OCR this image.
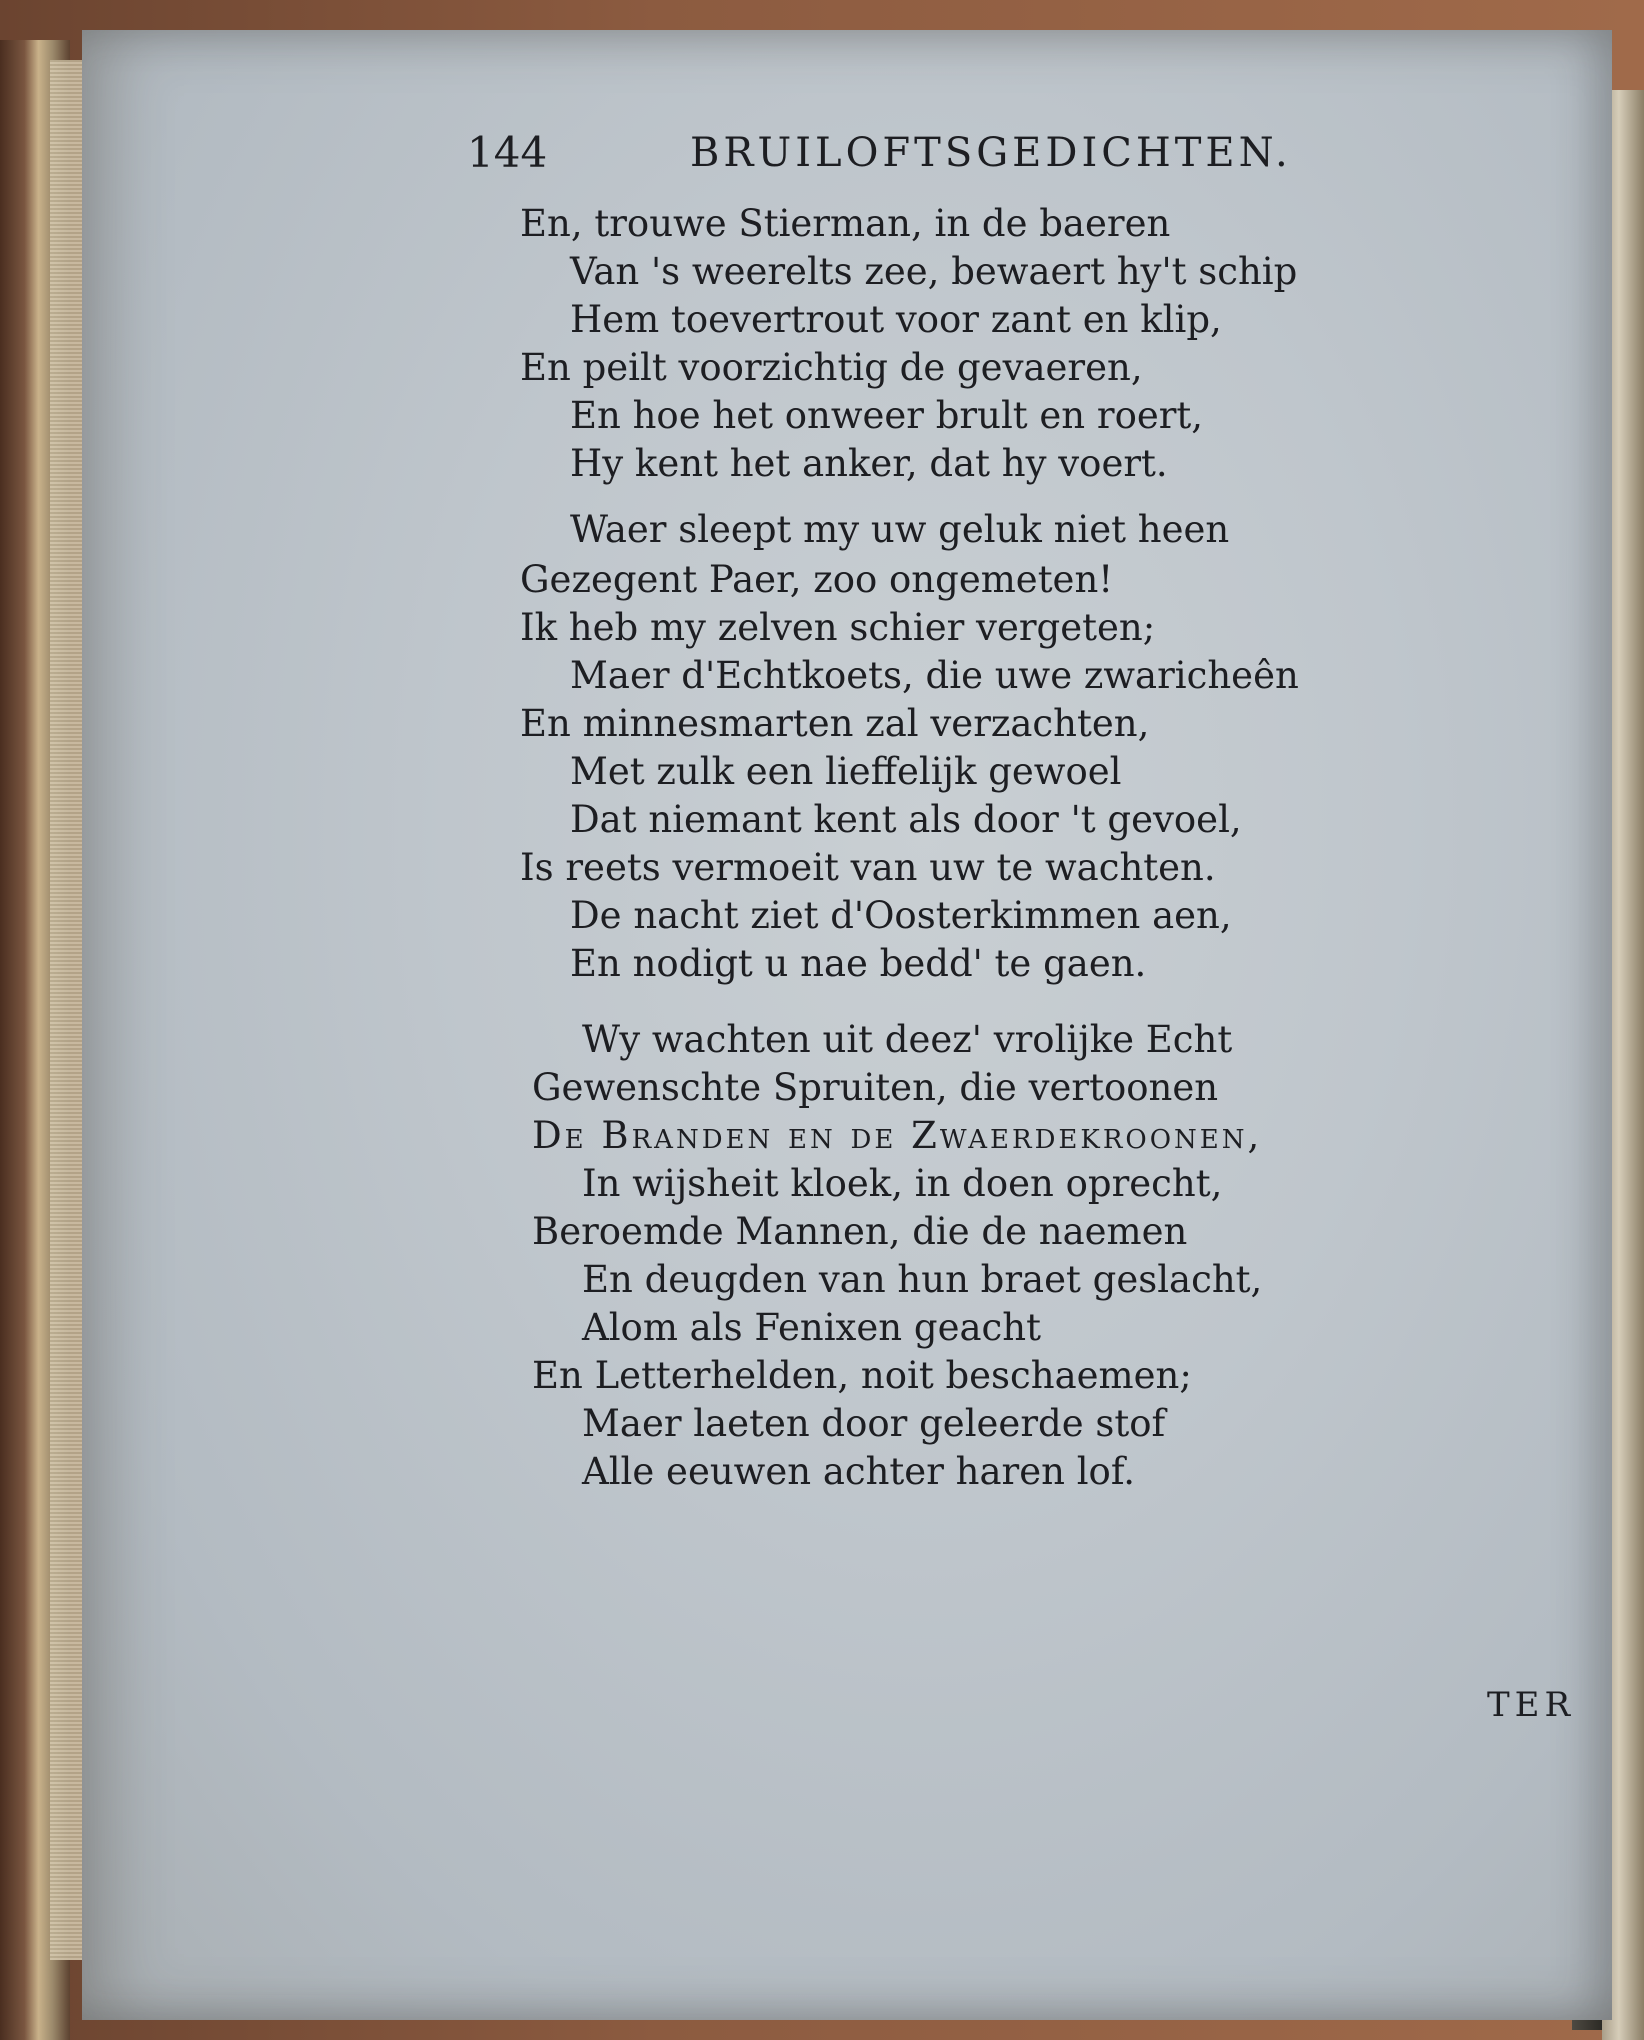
144	BRUILOFTSGEDICHTEN.
En, trouwe Stierman, in de baeren
Van 's weerelts zee, bewaert hy't schip
Hem toevertrout voor zant en klip,
En peilt voorzichtig de gevaeren,
En hoe het onweer brult en roert,
Hy kent het anker, dat hy voert.
Waer sleept my uw geluk niet heen
Gezegent Paer, zoo ongemeten!
Ik heb my zelven schier vergeten;
Maer d'Echtkoets, die uwe zwaricheên
En minnesmarten zal verzachten,
Met zulk een lieffelijk gewoel
Dat niemant kent als door 't gevoel,
Is reets vermoeit van uw te wachten.
De nacht ziet d'Oosterkimmen aen,
En nodigt u nae bedd' te gaen.
Wy wachten uit deez' vrolijke Echt
Gewenschte Spruiten, die vertoonen
De Branden en de Zwaerdekroonen,
In wijsheit kloek, in doen oprecht,
Beroemde Mannen, die de naemen
En deugden van hun braet geslacht,
Alom als Fenixen geacht
En Letterhelden, noit beschaemen;
Maer laeten door geleerde stof
Alle eeuwen achter haren lof.
TER
